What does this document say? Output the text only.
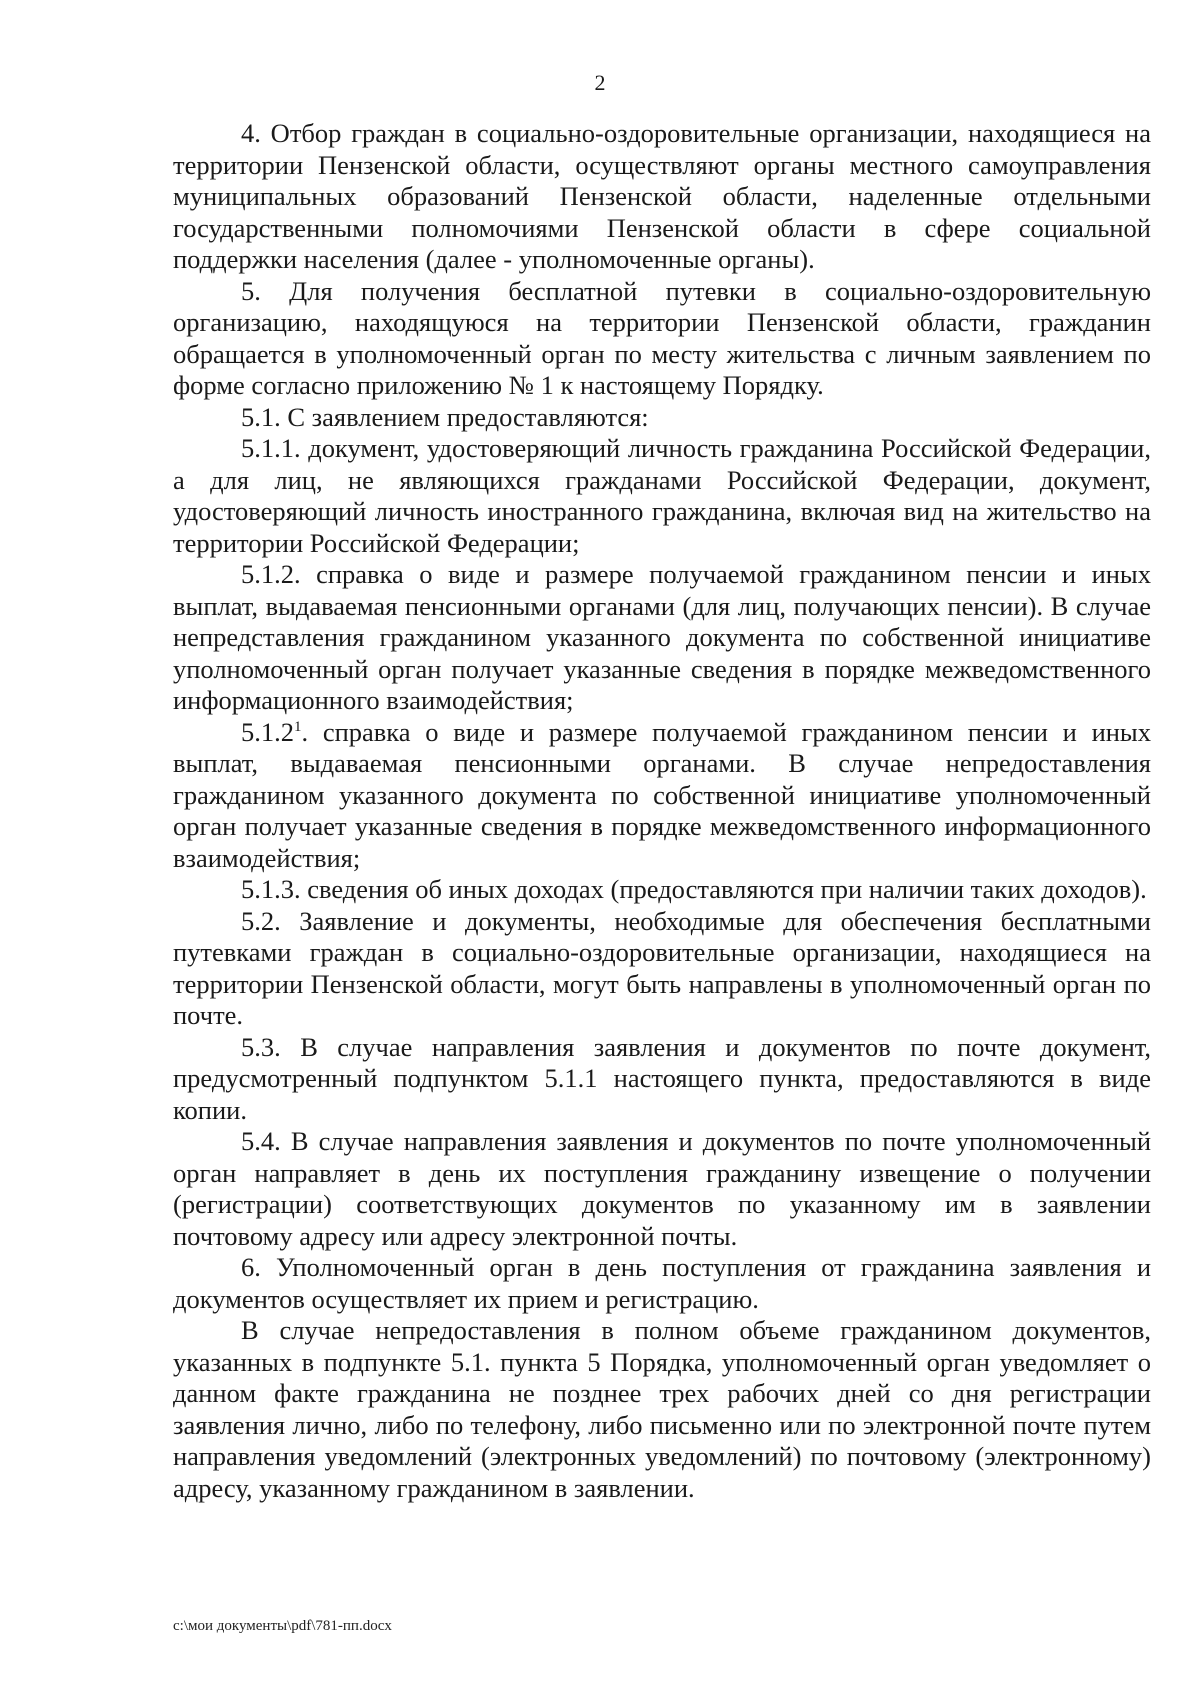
2

4. Отбор граждан в социально-оздоровительные организации, находящиеся на территории Пензенской области, осуществляют органы местного самоуправления муниципальных образований Пензенской области, наделенные отдельными государственными полномочиями Пензенской области в сфере социальной поддержки населения (далее - уполномоченные органы).

5. Для получения бесплатной путевки в социально-оздоровительную организацию, находящуюся на территории Пензенской области, гражданин обращается в уполномоченный орган по месту жительства с личным заявлением по форме согласно приложению № 1 к настоящему Порядку.

5.1. С заявлением предоставляются:

5.1.1. документ, удостоверяющий личность гражданина Российской Федерации, а для лиц, не являющихся гражданами Российской Федерации, документ, удостоверяющий личность иностранного гражданина, включая вид на жительство на территории Российской Федерации;

5.1.2. справка о виде и размере получаемой гражданином пенсии и иных выплат, выдаваемая пенсионными органами (для лиц, получающих пенсии). В случае непредставления гражданином указанного документа по собственной инициативе уполномоченный орган получает указанные сведения в порядке межведомственного информационного взаимодействия;

5.1.2$^1$. справка о виде и размере получаемой гражданином пенсии и иных выплат, выдаваемая пенсионными органами. В случае непредоставления гражданином указанного документа по собственной инициативе уполномоченный орган получает указанные сведения в порядке межведомственного информационного взаимодействия;

5.1.3. сведения об иных доходах (предоставляются при наличии таких доходов).

5.2. Заявление и документы, необходимые для обеспечения бесплатными путевками граждан в социально-оздоровительные организации, находящиеся на территории Пензенской области, могут быть направлены в уполномоченный орган по почте.

5.3. В случае направления заявления и документов по почте документ, предусмотренный подпунктом 5.1.1 настоящего пункта, предоставляются в виде копии.

5.4. В случае направления заявления и документов по почте уполномоченный орган направляет в день их поступления гражданину извещение о получении (регистрации) соответствующих документов по указанному им в заявлении почтовому адресу или адресу электронной почты.

6. Уполномоченный орган в день поступления от гражданина заявления и документов осуществляет их прием и регистрацию.

В случае непредоставления в полном объеме гражданином документов, указанных в подпункте 5.1. пункта 5 Порядка, уполномоченный орган уведомляет о данном факте гражданина не позднее трех рабочих дней со дня регистрации заявления лично, либо по телефону, либо письменно или по электронной почте путем направления уведомлений (электронных уведомлений) по почтовому (электронному) адресу, указанному гражданином в заявлении.

c:\мои документы\pdf\781-пп.docx
